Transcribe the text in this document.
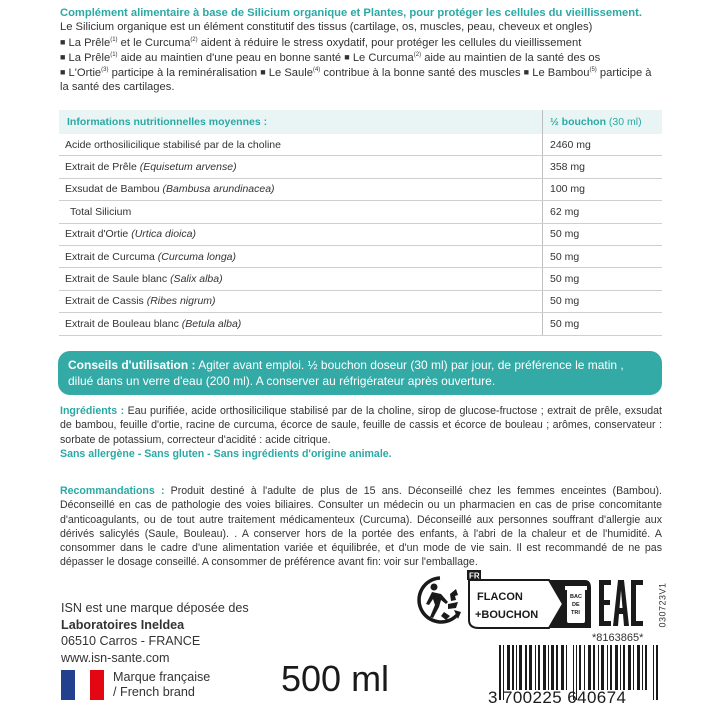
Complément alimentaire à base de Silicium organique et Plantes, pour protéger les cellules du vieillissement.
Le Silicium organique est un élément constitutif des tissus (cartilage, os, muscles, peau, cheveux et ongles)
■ La Prêle$^{(1)}$ et le Curcuma$^{(2)}$ aident à réduire le stress oxydatif, pour protéger les cellules du vieillissement
■ La Prêle$^{(1)}$ aide au maintien d'une peau en bonne santé ■ Le Curcuma$^{(2)}$ aide au maintien de la santé des os
■ L'Ortie$^{(3)}$ participe à la reminéralisation ■ Le Saule$^{(4)}$ contribue à la bonne santé des muscles ■ Le Bambou$^{(5)}$ participe à la santé des cartilages.
Informations nutritionnelles moyennes :	½ bouchon (30 ml)
Acide orthosilicilique stabilisé par de la choline	2460 mg
Extrait de Prêle (Equisetum arvense)	358 mg
Exsudat de Bambou (Bambusa arundinacea)	100 mg
Total Silicium	62 mg
Extrait d'Ortie (Urtica dioica)	50 mg
Extrait de Curcuma (Curcuma longa)	50 mg
Extrait de Saule blanc (Salix alba)	50 mg
Extrait de Cassis (Ribes nigrum)	50 mg
Extrait de Bouleau blanc (Betula alba)	50 mg
Conseils d'utilisation : Agiter avant emploi. ½ bouchon doseur (30 ml) par jour, de préférence le matin , dilué dans un verre d'eau (200 ml). A conserver au réfrigérateur après ouverture.
Ingrédients : Eau purifiée, acide orthosilicilique stabilisé par de la choline, sirop de glucose-fructose ; extrait de prêle, exsudat de bambou, feuille d'ortie, racine de curcuma, écorce de saule, feuille de cassis et écorce de bouleau ; arômes, conservateur : sorbate de potassium, correcteur d'acidité : acide citrique.
Sans allergène - Sans gluten - Sans ingrédients d'origine animale.
Recommandations : Produit destiné à l'adulte de plus de 15 ans. Déconseillé chez les femmes enceintes (Bambou). Déconseillé en cas de pathologie des voies biliaires. Consulter un médecin ou un pharmacien en cas de prise concomitante d'anticoagulants, ou de tout autre traitement médicamenteux (Curcuma). Déconseillé aux personnes souffrant d'allergie aux dérivés salicylés (Saule, Bouleau). . A conserver hors de la portée des enfants, à l'abri de la chaleur et de l'humidité. A consommer dans le cadre d'une alimentation variée et équilibrée, et d'un mode de vie sain. Il est recommandé de ne pas dépasser le dosage conseillé. A consommer de préférence avant fin: voir sur l'emballage.
ISN est une marque déposée des
Laboratoires Ineldea
06510 Carros - FRANCE
www.isn-sante.com
Marque française
/ French brand	500 ml
FR
FLACON
+BOUCHON
BAC
DE
TRI	030723V1
*8163865*
3 700225 640674
